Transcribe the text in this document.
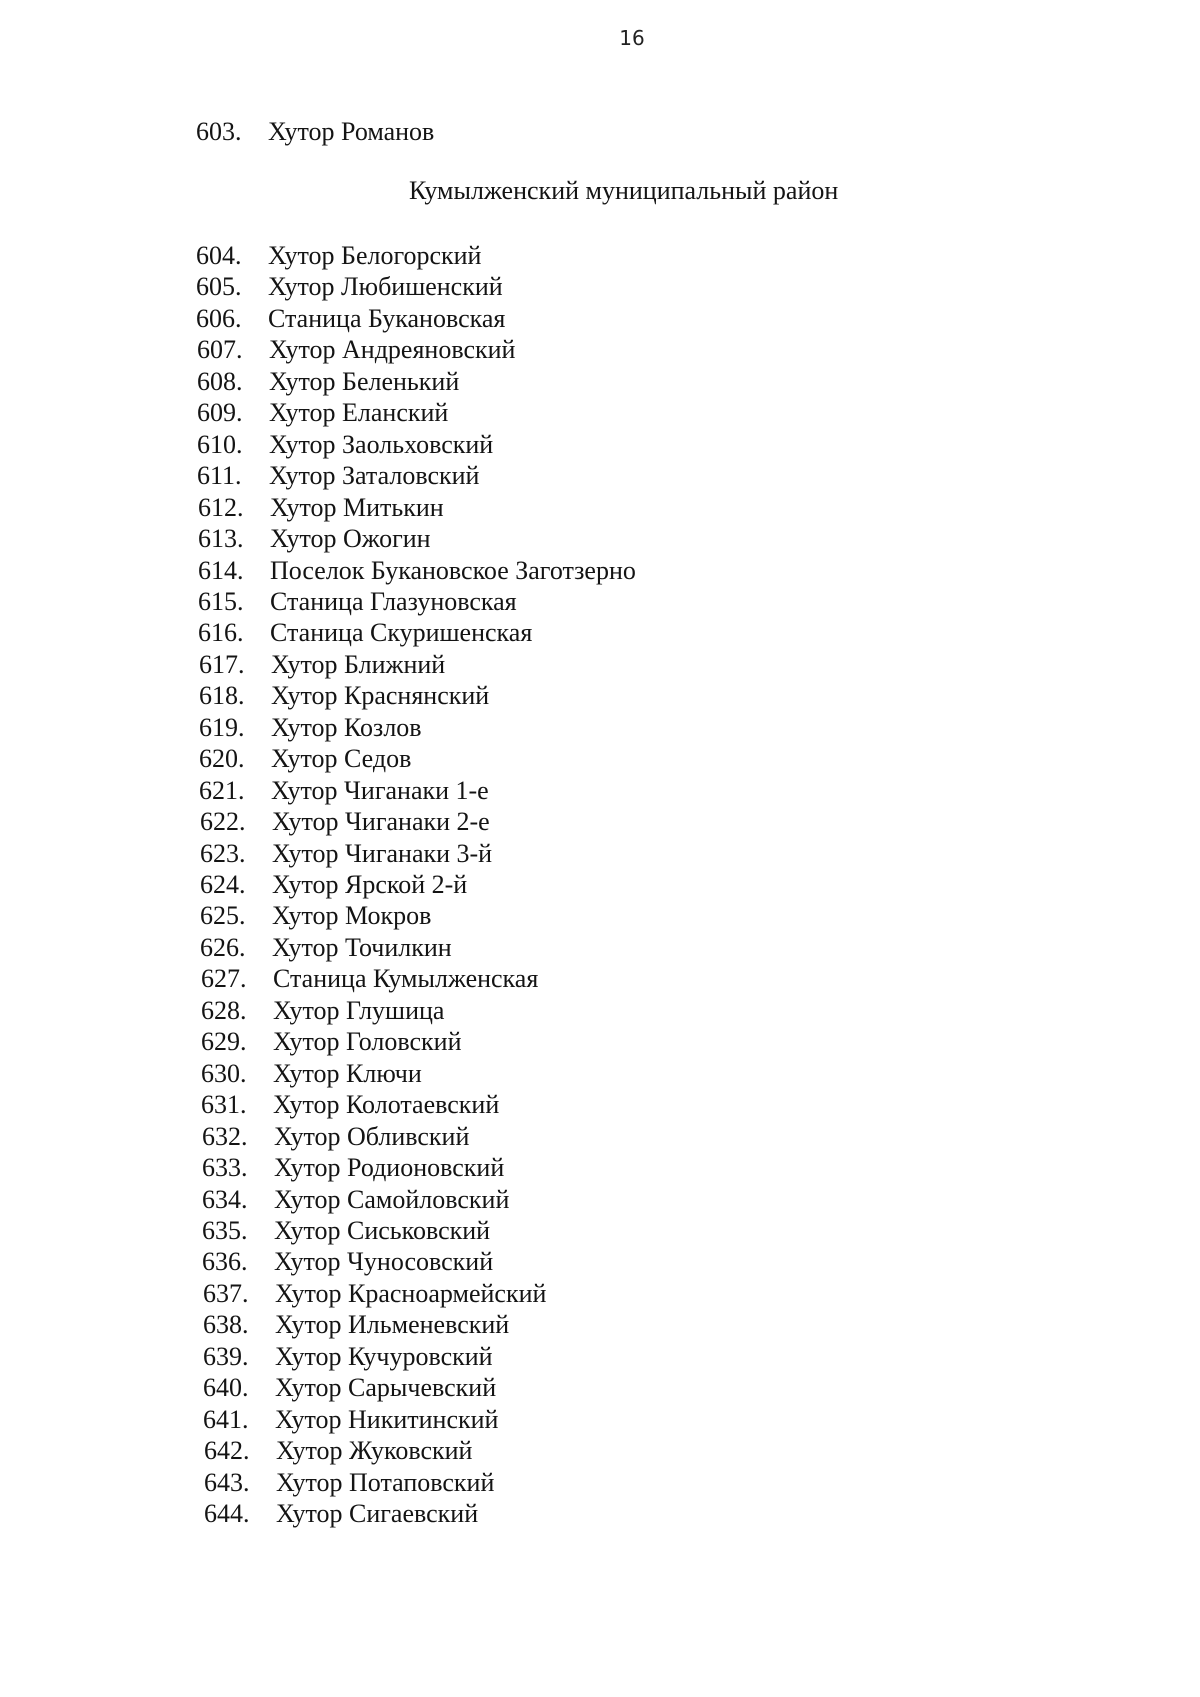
16
603. Хутор Романов
Кумылженский муниципальный район
604. Хутор Белогорский
605. Хутор Любишенский
606. Станица Букановская
607. Хутор Андреяновский
608. Хутор Беленький
609. Хутор Еланский
610. Хутор Заольховский
611. Хутор Заталовский
612. Хутор Митькин
613. Хутор Ожогин
614. Поселок Букановское Заготзерно
615. Станица Глазуновская
616. Станица Скуришенская
617. Хутор Ближний
618. Хутор Краснянский
619. Хутор Козлов
620. Хутор Седов
621. Хутор Чиганаки 1-е
622. Хутор Чиганаки 2-е
623. Хутор Чиганаки 3-й
624. Хутор Ярской 2-й
625. Хутор Мокров
626. Хутор Точилкин
627. Станица Кумылженская
628. Хутор Глушица
629. Хутор Головский
630. Хутор Ключи
631. Хутор Колотаевский
632. Хутор Обливский
633. Хутор Родионовский
634. Хутор Самойловский
635. Хутор Сиськовский
636. Хутор Чуносовский
637. Хутор Красноармейский
638. Хутор Ильменевский
639. Хутор Кучуровский
640. Хутор Сарычевский
641. Хутор Никитинский
642. Хутор Жуковский
643. Хутор Потаповский
644. Хутор Сигаевский
